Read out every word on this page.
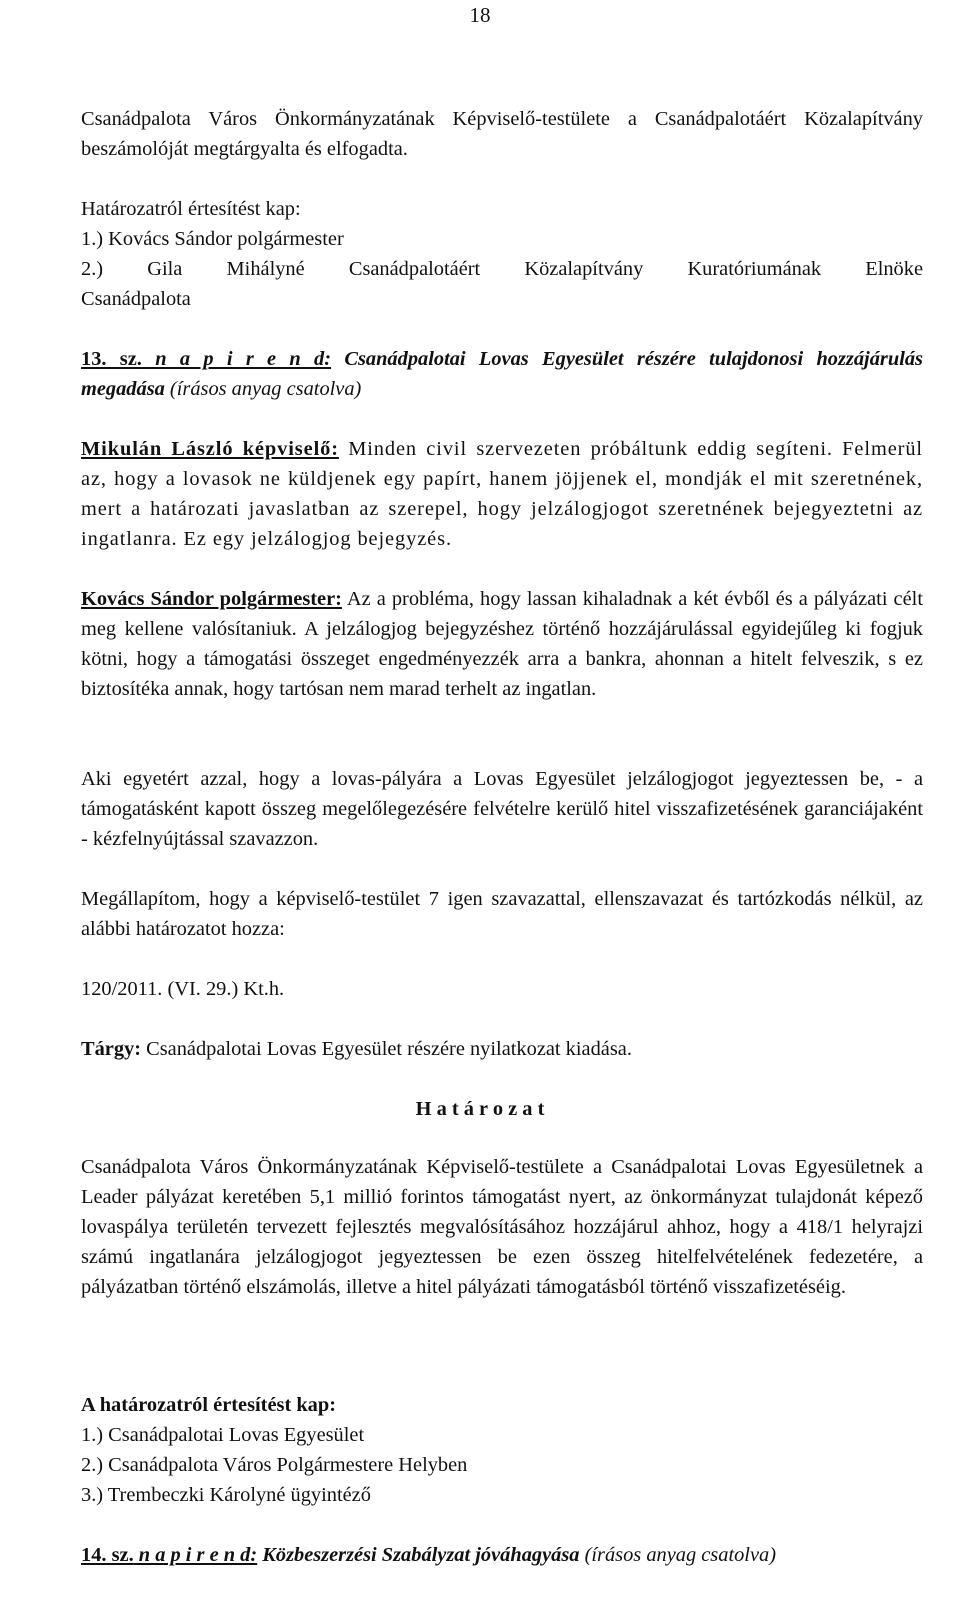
18

Csanádpalota Város Önkormányzatának Képviselő-testülete a Csanádpalotáért Közalapítvány beszámolóját megtárgyalta és elfogadta.

Határozatról értesítést kap:
1.) Kovács Sándor polgármester
2.) Gila Mihályné Csanádpalotáért Közalapítvány Kuratóriumának Elnöke
Csanádpalota
13. sz. n a p i r e n d: Csanádpalotai Lovas Egyesület részére tulajdonosi hozzájárulás
megadása (írásos anyag csatolva)

Mikulán László képviselő: Minden civil szervezeten próbáltunk eddig segíteni. Felmerül az, hogy a lovasok ne küldjenek egy papírt, hanem jöjjenek el, mondják el mit szeretnének, mert a határozati javaslatban az szerepel, hogy jelzálogjogot szeretnének bejegyeztetni az ingatlanra. Ez egy jelzálogjog bejegyzés.

Kovács Sándor polgármester: Az a probléma, hogy lassan kihaladnak a két évből és a pályázati célt meg kellene valósítaniuk. A jelzálogjog bejegyzéshez történő hozzájárulással egyidejűleg ki fogjuk kötni, hogy a támogatási összeget engedményezzék arra a bankra, ahonnan a hitelt felveszik, s ez biztosítéka annak, hogy tartósan nem marad terhelt az ingatlan.

Aki egyetért azzal, hogy a lovas-pályára a Lovas Egyesület jelzálogjogot jegyeztessen be, - a támogatásként kapott összeg megelőlegezésére felvételre kerülő hitel visszafizetésének garanciájaként - kézfelnyújtással szavazzon.

Megállapítom, hogy a képviselő-testület 7 igen szavazattal, ellenszavazat és tartózkodás nélkül, az alábbi határozatot hozza:

120/2011. (VI. 29.) Kt.h.

Tárgy: Csanádpalotai Lovas Egyesület részére nyilatkozat kiadása.

H a t á r o z a t

Csanádpalota Város Önkormányzatának Képviselő-testülete a Csanádpalotai Lovas Egyesületnek a Leader pályázat keretében 5,1 millió forintos támogatást nyert, az önkormányzat tulajdonát képező lovaspálya területén tervezett fejlesztés megvalósításához hozzájárul ahhoz, hogy a 418/1 helyrajzi számú ingatlanára jelzálogjogot jegyeztessen be ezen összeg hitelfelvételének fedezetére, a pályázatban történő elszámolás, illetve a hitel pályázati támogatásból történő visszafizetéséig.

A határozatról értesítést kap:
1.) Csanádpalotai Lovas Egyesület
2.) Csanádpalota Város Polgármestere Helyben
3.) Trembeczki Károlyné ügyintéző
14. sz. n a p i r e n d: Közbeszerzési Szabályzat jóváhagyása (írásos anyag csatolva)
